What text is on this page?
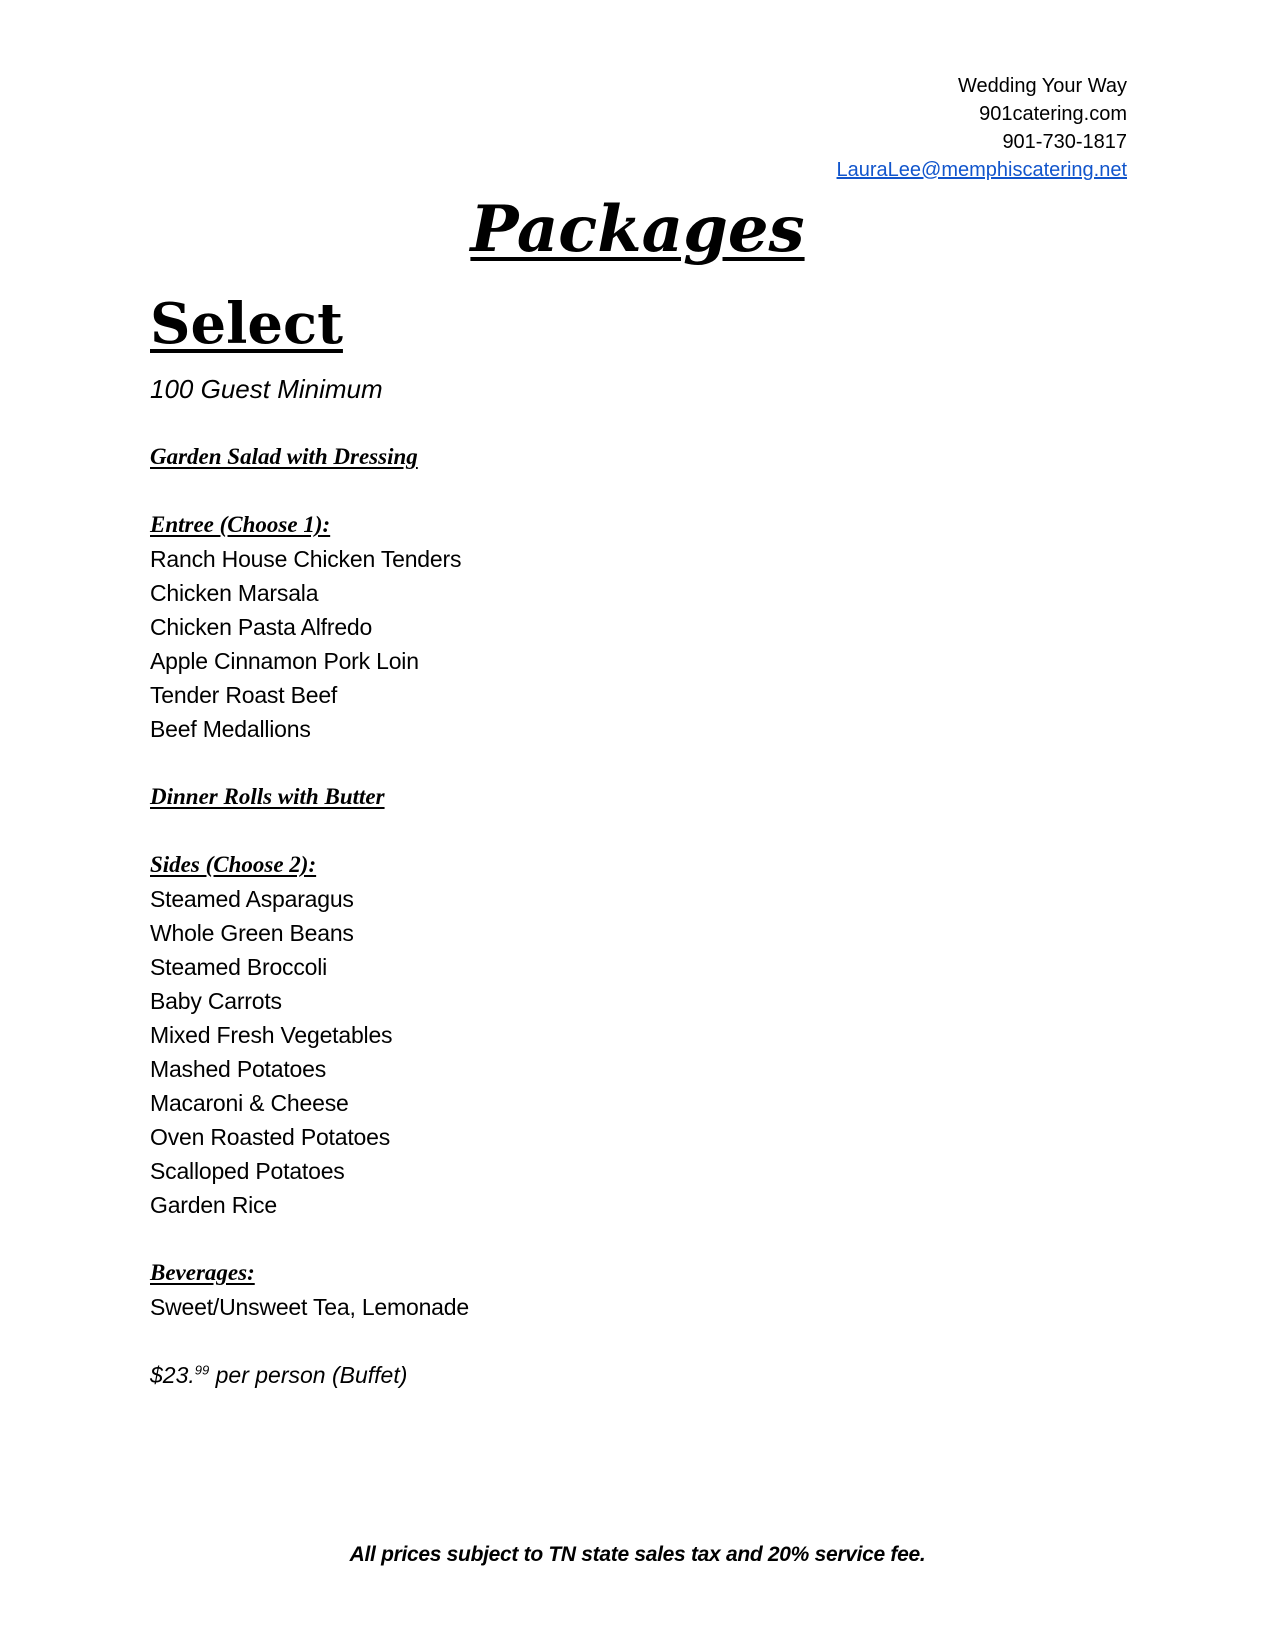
Wedding Your Way
901catering.com
901-730-1817
LauraLee@memphiscatering.net
Packages
Select
100 Guest Minimum
Garden Salad with Dressing
Entree (Choose 1):
Ranch House Chicken Tenders
Chicken Marsala
Chicken Pasta Alfredo
Apple Cinnamon Pork Loin
Tender Roast Beef
Beef Medallions
Dinner Rolls with Butter
Sides (Choose 2):
Steamed Asparagus
Whole Green Beans
Steamed Broccoli
Baby Carrots
Mixed Fresh Vegetables
Mashed Potatoes
Macaroni & Cheese
Oven Roasted Potatoes
Scalloped Potatoes
Garden Rice
Beverages:
Sweet/Unsweet Tea, Lemonade
$23.99 per person (Buffet)
All prices subject to TN state sales tax and 20% service fee.
